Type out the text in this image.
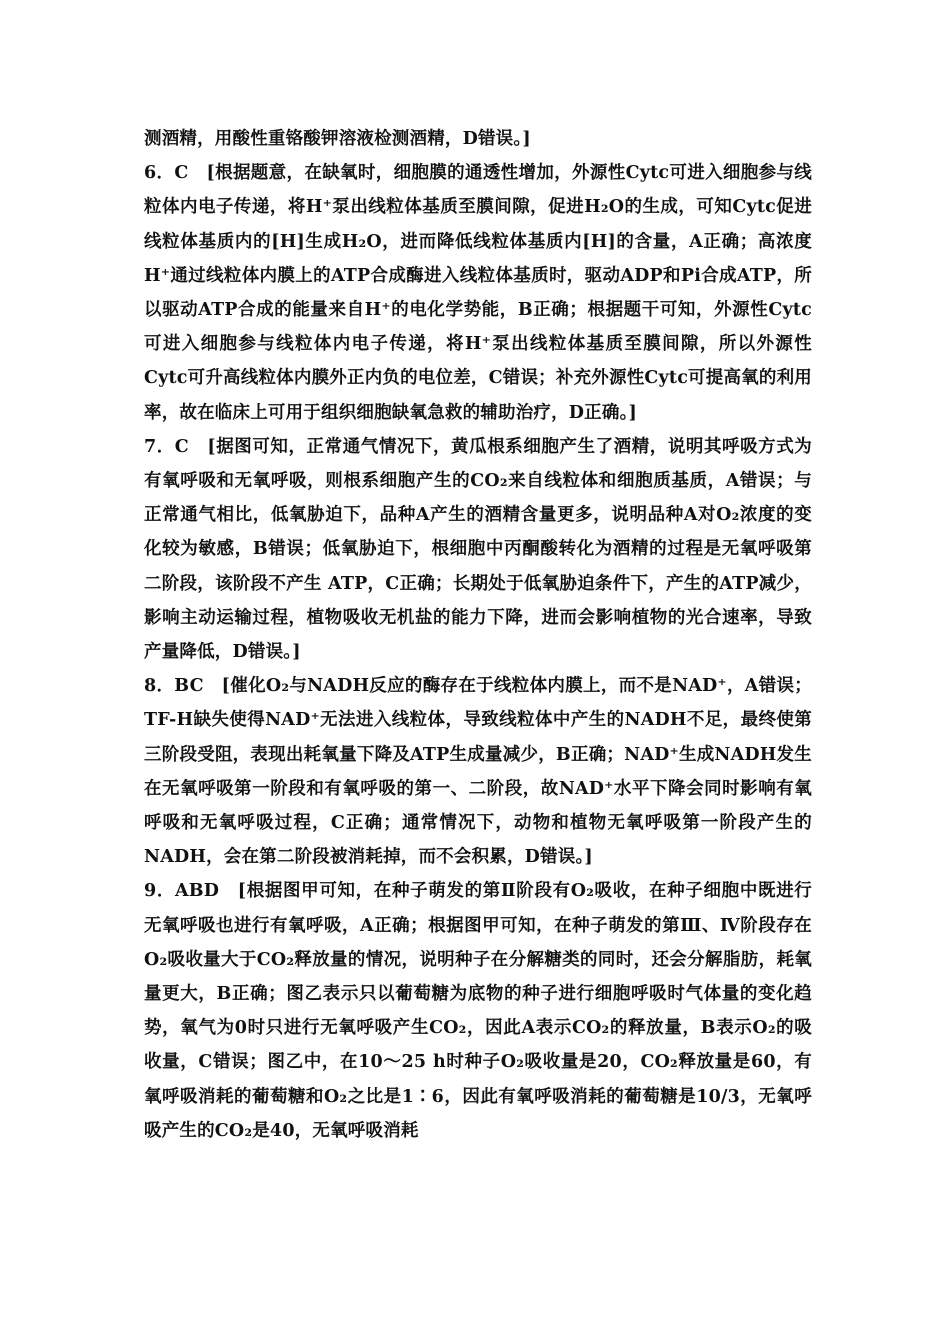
测酒精，用酸性重铬酸钾溶液检测酒精，D错误。]

6．C　[根据题意，在缺氧时，细胞膜的通透性增加，外源性Cytc可进入细胞参与线粒体内电子传递，将H⁺泵出线粒体基质至膜间隙，促进H₂O的生成，可知Cytc促进线粒体基质内的[H]生成H₂O，进而降低线粒体基质内[H]的含量，A正确；高浓度H⁺通过线粒体内膜上的ATP合成酶进入线粒体基质时，驱动ADP和Pi合成ATP，所以驱动ATP合成的能量来自H⁺的电化学势能，B正确；根据题干可知，外源性Cytc可进入细胞参与线粒体内电子传递，将H⁺泵出线粒体基质至膜间隙，所以外源性Cytc可升高线粒体内膜外正内负的电位差，C错误；补充外源性Cytc可提高氧的利用率，故在临床上可用于组织细胞缺氧急救的辅助治疗，D正确。]

7．C　[据图可知，正常通气情况下，黄瓜根系细胞产生了酒精，说明其呼吸方式为有氧呼吸和无氧呼吸，则根系细胞产生的CO₂来自线粒体和细胞质基质，A错误；与正常通气相比，低氧胁迫下，品种A产生的酒精含量更多，说明品种A对O₂浓度的变化较为敏感，B错误；低氧胁迫下，根细胞中丙酮酸转化为酒精的过程是无氧呼吸第二阶段，该阶段不产生 ATP，C正确；长期处于低氧胁迫条件下，产生的ATP减少，影响主动运输过程，植物吸收无机盐的能力下降，进而会影响植物的光合速率，导致产量降低，D错误。]

8．BC　[催化O₂与NADH反应的酶存在于线粒体内膜上，而不是NAD⁺，A错误；TF-H缺失使得NAD⁺无法进入线粒体，导致线粒体中产生的NADH不足，最终使第三阶段受阻，表现出耗氧量下降及ATP生成量减少，B正确；NAD⁺生成NADH发生在无氧呼吸第一阶段和有氧呼吸的第一、二阶段，故NAD⁺水平下降会同时影响有氧呼吸和无氧呼吸过程，C正确；通常情况下，动物和植物无氧呼吸第一阶段产生的NADH，会在第二阶段被消耗掉，而不会积累，D错误。]

9．ABD　[根据图甲可知，在种子萌发的第Ⅱ阶段有O₂吸收，在种子细胞中既进行无氧呼吸也进行有氧呼吸，A正确；根据图甲可知，在种子萌发的第Ⅲ、Ⅳ阶段存在O₂吸收量大于CO₂释放量的情况，说明种子在分解糖类的同时，还会分解脂肪，耗氧量更大，B正确；图乙表示只以葡萄糖为底物的种子进行细胞呼吸时气体量的变化趋势，氧气为0时只进行无氧呼吸产生CO₂，因此A表示CO₂的释放量，B表示O₂的吸收量，C错误；图乙中，在10～25 h时种子O₂吸收量是20，CO₂释放量是60，有氧呼吸消耗的葡萄糖和O₂之比是1∶6，因此有氧呼吸消耗的葡萄糖是10/3，无氧呼吸产生的CO₂是40，无氧呼吸消耗
